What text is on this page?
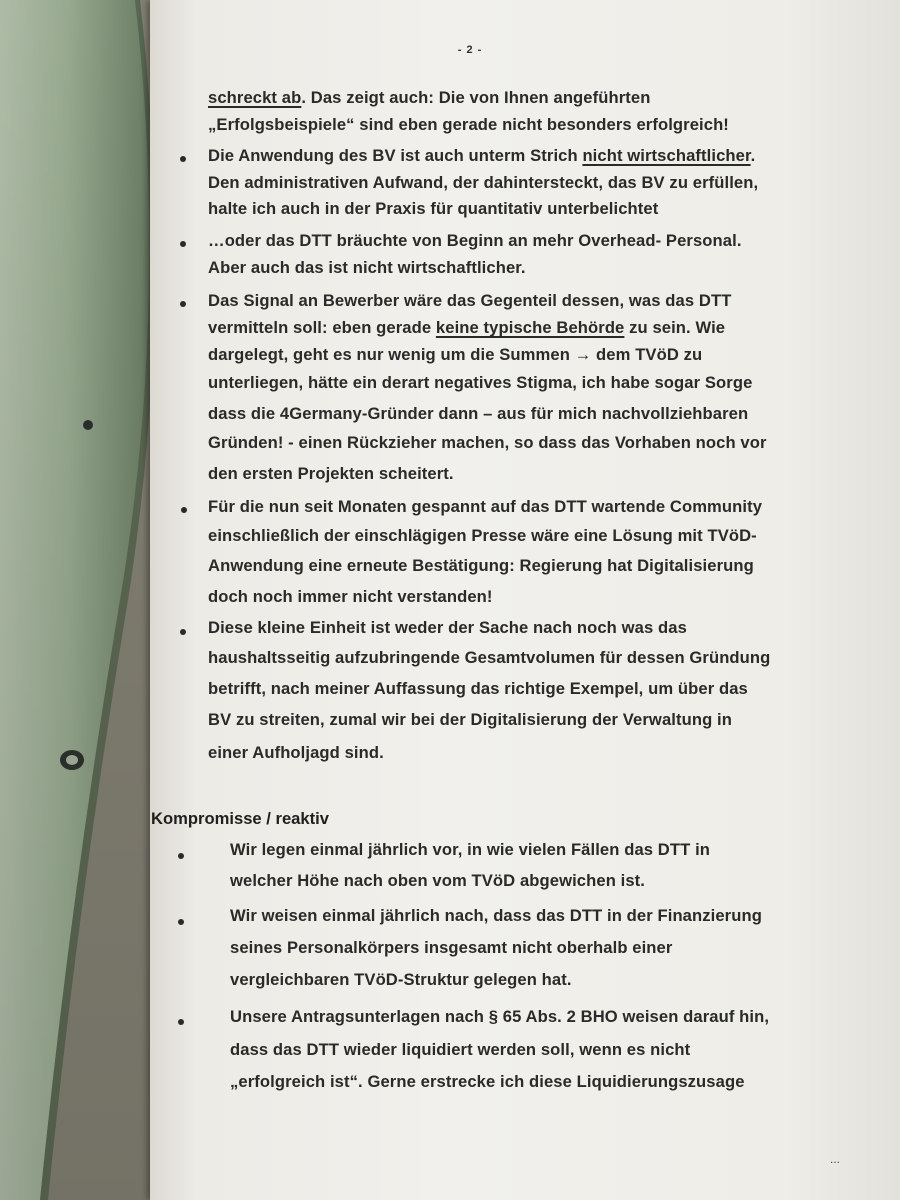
- 2 -
schreckt ab. Das zeigt auch: Die von Ihnen angeführten
„Erfolgsbeispiele“ sind eben gerade nicht besonders erfolgreich!
Die Anwendung des BV ist auch unterm Strich nicht wirtschaftlicher.
Den administrativen Aufwand, der dahintersteckt, das BV zu erfüllen,
halte ich auch in der Praxis für quantitativ unterbelichtet
…oder das DTT bräuchte von Beginn an mehr Overhead- Personal.
Aber auch das ist nicht wirtschaftlicher.
Das Signal an Bewerber wäre das Gegenteil dessen, was das DTT
vermitteln soll: eben gerade keine typische Behörde zu sein. Wie
dargelegt, geht es nur wenig um die Summen → dem TVöD zu
unterliegen, hätte ein derart negatives Stigma, ich habe sogar Sorge
dass die 4Germany-Gründer dann – aus für mich nachvollziehbaren
Gründen! - einen Rückzieher machen, so dass das Vorhaben noch vor
den ersten Projekten scheitert.
Für die nun seit Monaten gespannt auf das DTT wartende Community
einschließlich der einschlägigen Presse wäre eine Lösung mit TVöD-
Anwendung eine erneute Bestätigung: Regierung hat Digitalisierung
doch noch immer nicht verstanden!
Diese kleine Einheit ist weder der Sache nach noch was das
haushaltsseitig aufzubringende Gesamtvolumen für dessen Gründung
betrifft, nach meiner Auffassung das richtige Exempel, um über das
BV zu streiten, zumal wir bei der Digitalisierung der Verwaltung in
einer Aufholjagd sind.
Kompromisse / reaktiv
Wir legen einmal jährlich vor, in wie vielen Fällen das DTT in
welcher Höhe nach oben vom TVöD abgewichen ist.
Wir weisen einmal jährlich nach, dass das DTT in der Finanzierung
seines Personalkörpers insgesamt nicht oberhalb einer
vergleichbaren TVöD-Struktur gelegen hat.
Unsere Antragsunterlagen nach § 65 Abs. 2 BHO weisen darauf hin,
dass das DTT wieder liquidiert werden soll, wenn es nicht
„erfolgreich ist“. Gerne erstrecke ich diese Liquidierungszusage
...
